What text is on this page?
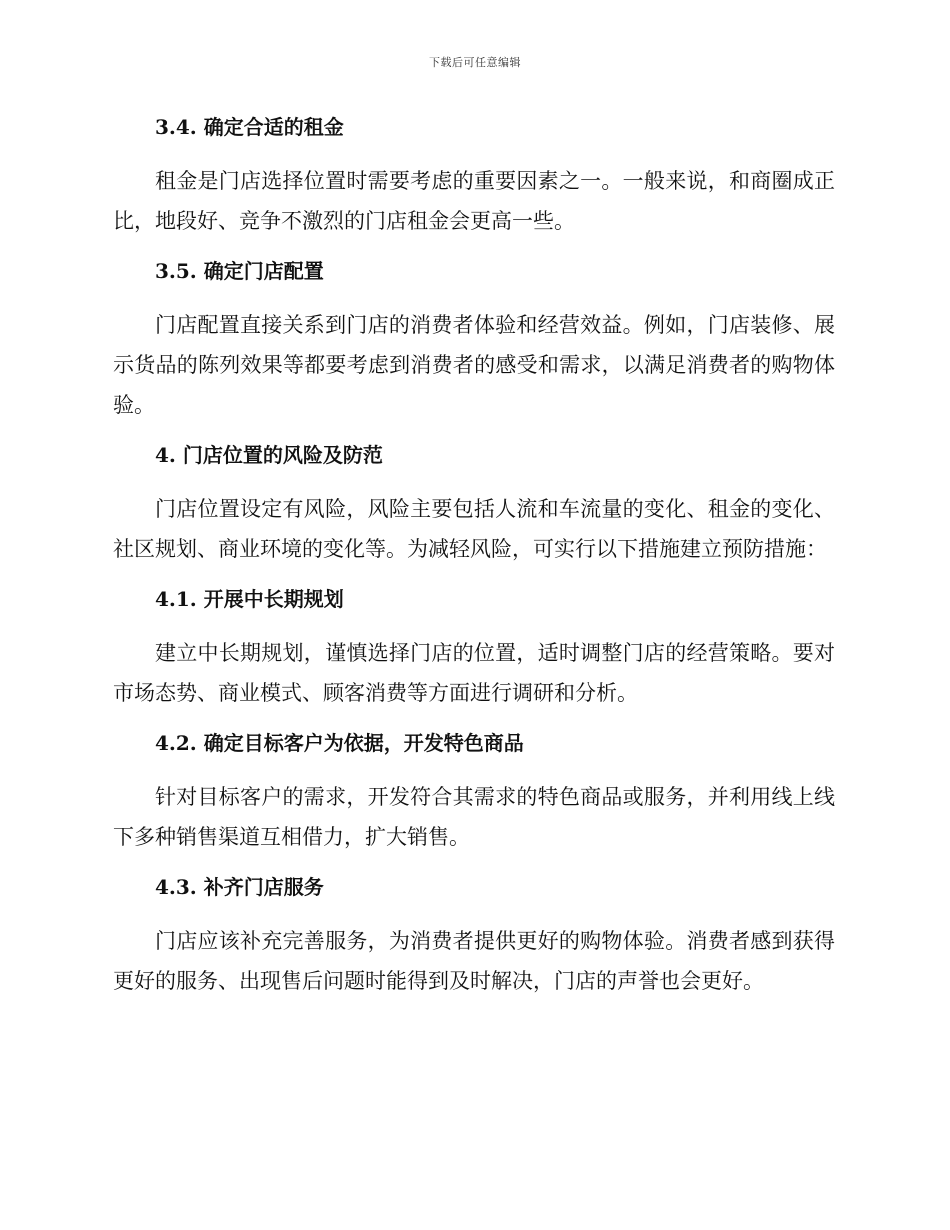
下载后可任意编辑
3.4. 确定合适的租金

租金是门店选择位置时需要考虑的重要因素之一。一般来说，和商圈成正比，地段好、竞争不激烈的门店租金会更高一些。

3.5. 确定门店配置

门店配置直接关系到门店的消费者体验和经营效益。例如，门店装修、展示货品的陈列效果等都要考虑到消费者的感受和需求，以满足消费者的购物体验。

4. 门店位置的风险及防范

门店位置设定有风险，风险主要包括人流和车流量的变化、租金的变化、社区规划、商业环境的变化等。为减轻风险，可实行以下措施建立预防措施：

4.1. 开展中长期规划

建立中长期规划，谨慎选择门店的位置，适时调整门店的经营策略。要对市场态势、商业模式、顾客消费等方面进行调研和分析。

4.2. 确定目标客户为依据，开发特色商品

针对目标客户的需求，开发符合其需求的特色商品或服务，并利用线上线下多种销售渠道互相借力，扩大销售。

4.3. 补齐门店服务

门店应该补充完善服务，为消费者提供更好的购物体验。消费者感到获得更好的服务、出现售后问题时能得到及时解决，门店的声誉也会更好。
